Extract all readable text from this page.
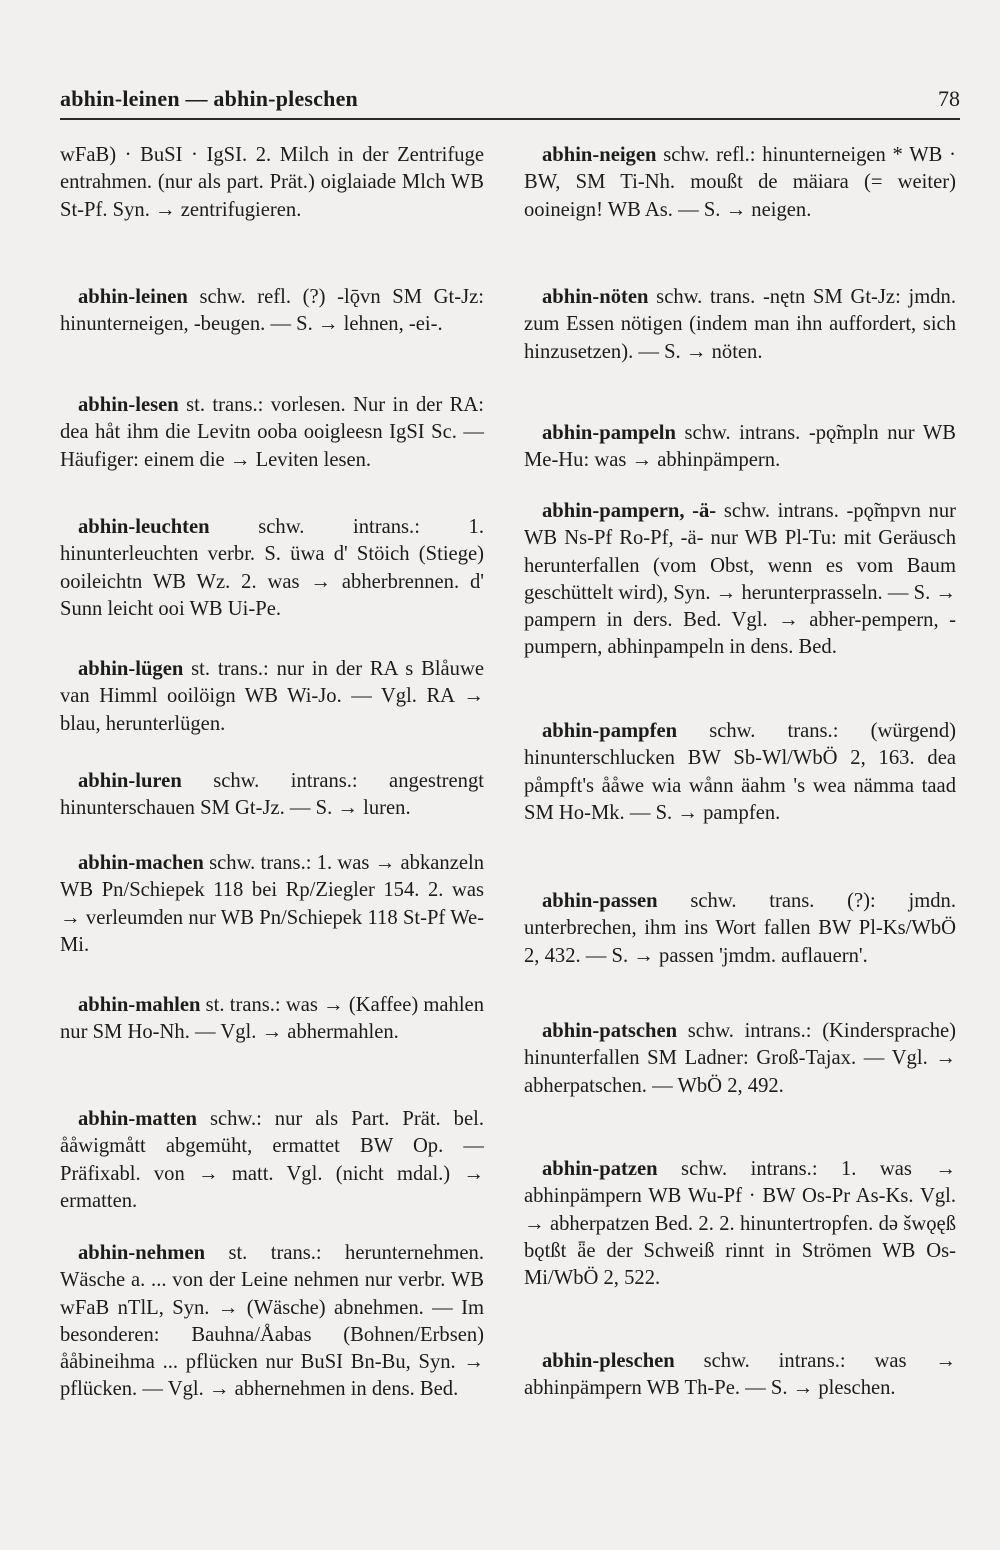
abhin-leinen — abhin-pleschen	78

wFaB) · BuSI · IgSI. 2. Milch in der Zentrifuge entrahmen. (nur als part. Prät.) oiglaiade Mlch WB St-Pf. Syn. → zentrifugieren.

abhin-leinen schw. refl. (?) -lǭvn SM Gt-Jz: hinunterneigen, -beugen. — S. → lehnen, -ei-.

abhin-lesen st. trans.: vorlesen. Nur in der RA: dea håt ihm die Levitn ooba ooigleesn IgSI Sc. — Häufiger: einem die → Leviten lesen.

abhin-leuchten schw. intrans.: 1. hinunterleuchten verbr. S. üwa d' Stöich (Stiege) ooileichtn WB Wz. 2. was → abherbrennen. d' Sunn leicht ooi WB Ui-Pe.

abhin-lügen st. trans.: nur in der RA s Blåuwe van Himml ooilöign WB Wi-Jo. — Vgl. RA → blau, herunterlügen.

abhin-luren schw. intrans.: angestrengt hinunterschauen SM Gt-Jz. — S. → luren.

abhin-machen schw. trans.: 1. was → abkanzeln WB Pn/Schiepek 118 bei Rp/Ziegler 154. 2. was → verleumden nur WB Pn/Schiepek 118 St-Pf We-Mi.

abhin-mahlen st. trans.: was → (Kaffee) mahlen nur SM Ho-Nh. — Vgl. → abhermahlen.

abhin-matten schw.: nur als Part. Prät. bel. ååwigmått abgemüht, ermattet BW Op. — Präfixabl. von → matt. Vgl. (nicht mdal.) → ermatten.

abhin-nehmen st. trans.: herunternehmen. Wäsche a. ... von der Leine nehmen nur verbr. WB wFaB nTlL, Syn. → (Wäsche) abnehmen. — Im besonderen: Bauhna/Åabas (Bohnen/Erbsen) ååbineihma ... pflücken nur BuSI Bn-Bu, Syn. → pflücken. — Vgl. → abhernehmen in dens. Bed.

abhin-neigen schw. refl.: hinunterneigen * WB · BW, SM Ti-Nh. moußt de mäiara (= weiter) ooineign! WB As. — S. → neigen.

abhin-nöten schw. trans. -nętn SM Gt-Jz: jmdn. zum Essen nötigen (indem man ihn auffordert, sich hinzusetzen). — S. → nöten.

abhin-pampeln schw. intrans. -pǫ̃mpln nur WB Me-Hu: was → abhinpämpern.

abhin-pampern, -ä- schw. intrans. -pǫ̃mpvn nur WB Ns-Pf Ro-Pf, -ä- nur WB Pl-Tu: mit Geräusch herunterfallen (vom Obst, wenn es vom Baum geschüttelt wird), Syn. → herunterprasseln. — S. → pampern in ders. Bed. Vgl. → abher-pempern, -pumpern, abhinpampeln in dens. Bed.

abhin-pampfen schw. trans.: (würgend) hinunterschlucken BW Sb-Wl/WbÖ 2, 163. dea påmpft's ååwe wia wånn äahm 's wea nämma taad SM Ho-Mk. — S. → pampfen.

abhin-passen schw. trans. (?): jmdn. unterbrechen, ihm ins Wort fallen BW Pl-Ks/WbÖ 2, 432. — S. → passen 'jmdm. auflauern'.

abhin-patschen schw. intrans.: (Kindersprache) hinunterfallen SM Ladner: Groß-Tajax. — Vgl. → abherpatschen. — WbÖ 2, 492.

abhin-patzen schw. intrans.: 1. was → abhinpämpern WB Wu-Pf · BW Os-Pr As-Ks. Vgl. → abherpatzen Bed. 2. 2. hinuntertropfen. də šwǫęß bǫtßt ǟe der Schweiß rinnt in Strömen WB Os-Mi/WbÖ 2, 522.

abhin-pleschen schw. intrans.: was → abhinpämpern WB Th-Pe. — S. → pleschen.
